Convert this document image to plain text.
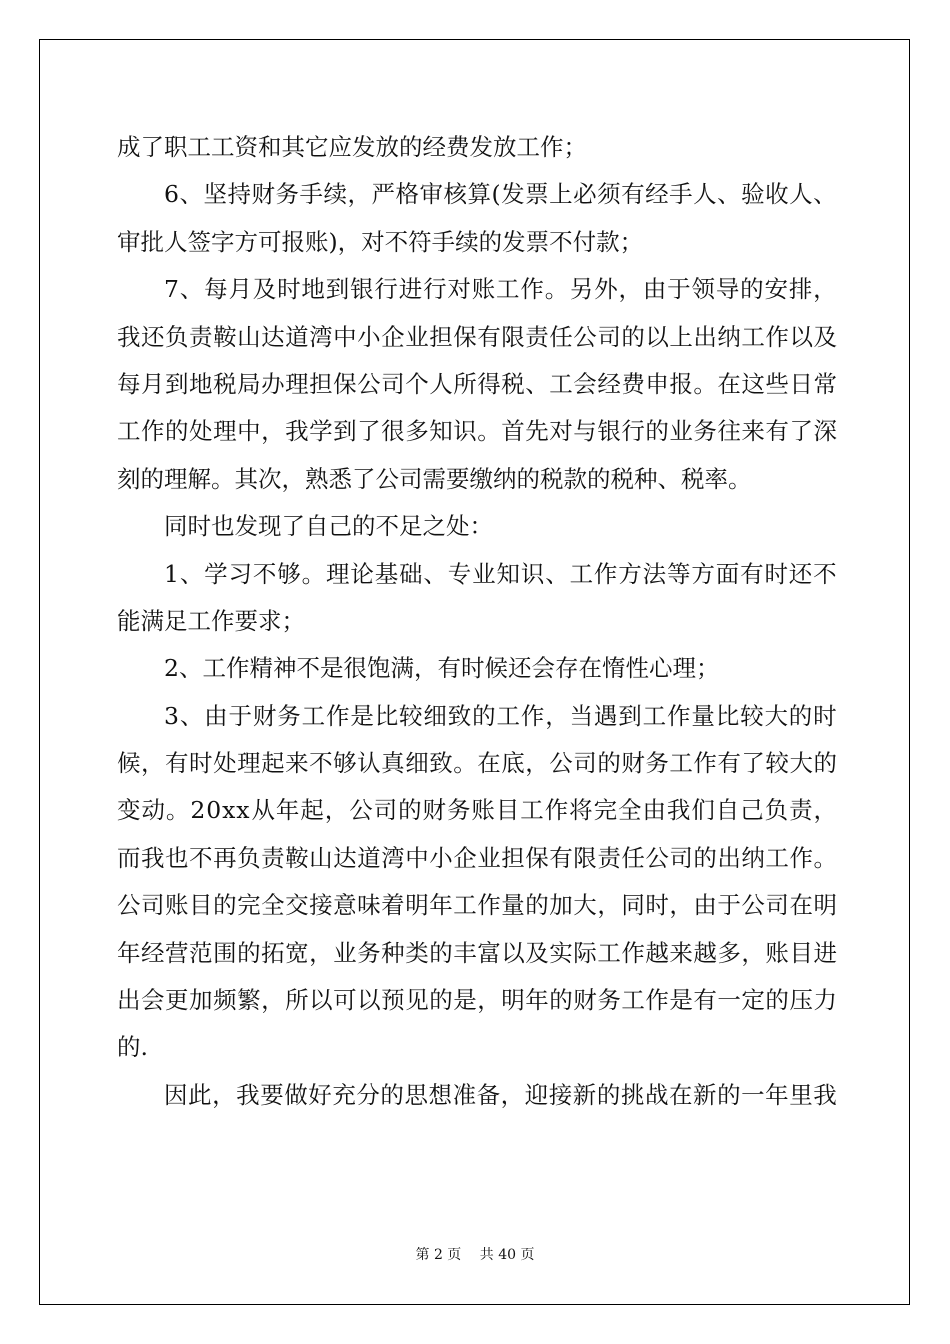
成了职工工资和其它应发放的经费发放工作；
6 、 坚 持 财 务 手 续 ， 严 格 审 核 算 ( 发 票 上 必 须 有 经 手 人 、 验 收 人 、
审批人签字方可报账)，对不符手续的发票不付款；
7 、 每 月 及 时 地 到 银 行 进 行 对 账 工 作 。 另 外 ， 由 于 领 导 的 安 排 ，
我 还 负 责 鞍 山 达 道 湾 中 小 企 业 担 保 有 限 责 任 公 司 的 以 上 出 纳 工 作 以 及
每 月 到 地 税 局 办 理 担 保 公 司 个 人 所 得 税 、 工 会 经 费 申 报 。 在 这 些 日 常
工 作 的 处 理 中 ， 我 学 到 了 很 多 知 识 。 首 先 对 与 银 行 的 业 务 往 来 有 了 深
刻的理解。其次，熟悉了公司需要缴纳的税款的税种、税率。
同时也发现了自己的不足之处：
1 、 学 习 不 够 。 理 论 基 础 、 专 业 知 识 、 工 作 方 法 等 方 面 有 时 还 不
能满足工作要求；
2、工作精神不是很饱满，有时候还会存在惰性心理；
3 、 由 于 财 务 工 作 是 比 较 细 致 的 工 作 ， 当 遇 到 工 作 量 比 较 大 的 时
候 ， 有 时 处 理 起 来 不 够 认 真 细 致 。 在 底 ， 公 司 的 财 务 工 作 有 了 较 大 的
变 动 。 2 0 x x 从 年 起 ， 公 司 的 财 务 账 目 工 作 将 完 全 由 我 们 自 己 负 责 ，
而 我 也 不 再 负 责 鞍 山 达 道 湾 中 小 企 业 担 保 有 限 责 任 公 司 的 出 纳 工 作 。
公 司 账 目 的 完 全 交 接 意 味 着 明 年 工 作 量 的 加 大 ， 同 时 ， 由 于 公 司 在 明
年 经 营 范 围 的 拓 宽 ， 业 务 种 类 的 丰 富 以 及 实 际 工 作 越 来 越 多 ， 账 目 进
出 会 更 加 频 繁 ， 所 以 可 以 预 见 的 是 ， 明 年 的 财 务 工 作 是 有 一 定 的 压 力
的.
因 此 ， 我 要 做 好 充 分 的 思 想 准 备 ， 迎 接 新 的 挑 战 在 新 的 一 年 里 我
第 2 页　 共 40 页
